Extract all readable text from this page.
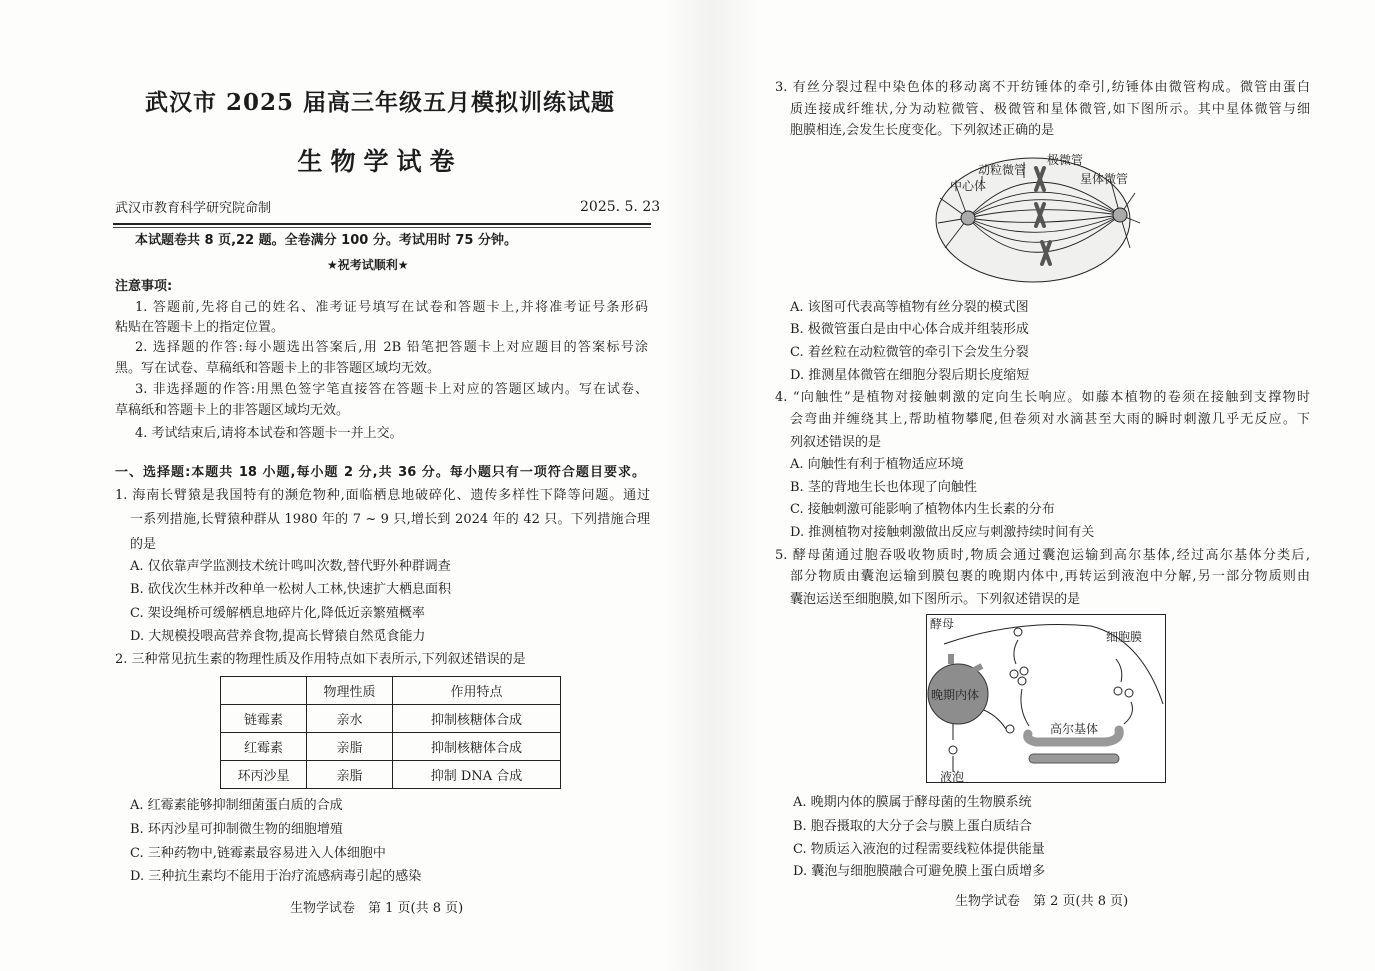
武汉市 2025 届高三年级五月模拟训练试题
生物学试卷
武汉市教育科学研究院命制	2025. 5. 23
本试题卷共 8 页,22 题。全卷满分 100 分。考试用时 75 分钟。
★祝考试顺利★
注意事项:
1. 答题前,先将自己的姓名、准考证号填写在试卷和答题卡上,并将准考证号条形码
粘贴在答题卡上的指定位置。
2. 选择题的作答:每小题选出答案后,用 2B 铅笔把答题卡上对应题目的答案标号涂
黑。写在试卷、草稿纸和答题卡上的非答题区域均无效。
3. 非选择题的作答:用黑色签字笔直接答在答题卡上对应的答题区域内。写在试卷、
草稿纸和答题卡上的非答题区域均无效。
4. 考试结束后,请将本试卷和答题卡一并上交。
一、选择题:本题共 18 小题,每小题 2 分,共 36 分。每小题只有一项符合题目要求。
1. 海南长臂猿是我国特有的濒危物种,面临栖息地破碎化、遗传多样性下降等问题。通过
一系列措施,长臂猿种群从 1980 年的 7 ~ 9 只,增长到 2024 年的 42 只。下列措施合理
的是
A. 仅依靠声学监测技术统计鸣叫次数,替代野外种群调查
B. 砍伐次生林并改种单一松树人工林,快速扩大栖息面积
C. 架设绳桥可缓解栖息地碎片化,降低近亲繁殖概率
D. 大规模投喂高营养食物,提高长臂猿自然觅食能力
2. 三种常见抗生素的物理性质及作用特点如下表所示,下列叙述错误的是
	物理性质	作用特点
链霉素	亲水	抑制核糖体合成
红霉素	亲脂	抑制核糖体合成
环丙沙星	亲脂	抑制 DNA 合成
A. 红霉素能够抑制细菌蛋白质的合成
B. 环丙沙星可抑制微生物的细胞增殖
C. 三种药物中,链霉素最容易进入人体细胞中
D. 三种抗生素均不能用于治疗流感病毒引起的感染
生物学试卷　第 1 页(共 8 页)
3. 有丝分裂过程中染色体的移动离不开纺锤体的牵引,纺锤体由微管构成。微管由蛋白
质连接成纤维状,分为动粒微管、极微管和星体微管,如下图所示。其中星体微管与细
胞膜相连,会发生长度变化。下列叙述正确的是
中心体
动粒微管
极微管
星体微管
A. 该图可代表高等植物有丝分裂的模式图
B. 极微管蛋白是由中心体合成并组装形成
C. 着丝粒在动粒微管的牵引下会发生分裂
D. 推测星体微管在细胞分裂后期长度缩短
4. “向触性”是植物对接触刺激的定向生长响应。如藤本植物的卷须在接触到支撑物时
会弯曲并缠绕其上,帮助植物攀爬,但卷须对水滴甚至大雨的瞬时刺激几乎无反应。下
列叙述错误的是
A. 向触性有利于植物适应环境
B. 茎的背地生长也体现了向触性
C. 接触刺激可能影响了植物体内生长素的分布
D. 推测植物对接触刺激做出反应与刺激持续时间有关
5. 酵母菌通过胞吞吸收物质时,物质会通过囊泡运输到高尔基体,经过高尔基体分类后,
部分物质由囊泡运输到膜包裹的晚期内体中,再转运到液泡中分解,另一部分物质则由
囊泡运送至细胞膜,如下图所示。下列叙述错误的是
酵母
细胞膜
晚期内体
高尔基体
液泡
A. 晚期内体的膜属于酵母菌的生物膜系统
B. 胞吞摄取的大分子会与膜上蛋白质结合
C. 物质运入液泡的过程需要线粒体提供能量
D. 囊泡与细胞膜融合可避免膜上蛋白质增多
生物学试卷　第 2 页(共 8 页)
